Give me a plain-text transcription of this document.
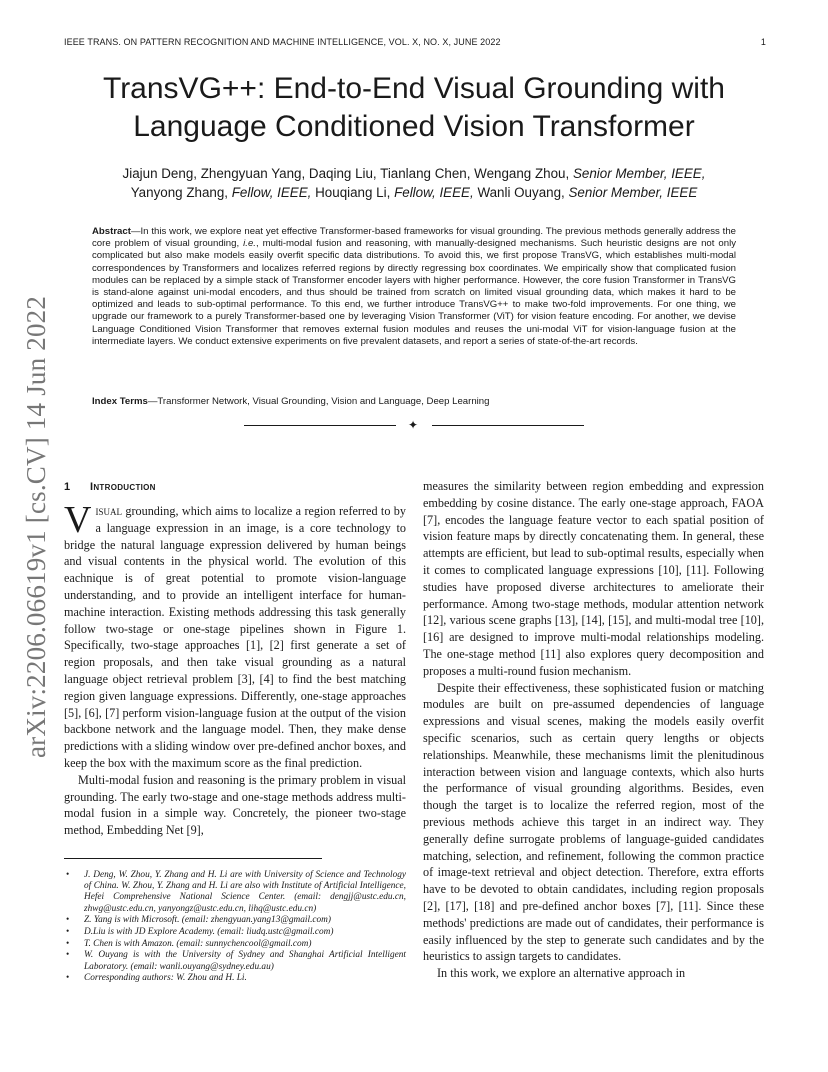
IEEE TRANS. ON PATTERN RECOGNITION AND MACHINE INTELLIGENCE, VOL. X, NO. X, JUNE 2022	1
arXiv:2206.06619v1 [cs.CV] 14 Jun 2022
TransVG++: End-to-End Visual Grounding with
Language Conditioned Vision Transformer
Jiajun Deng, Zhengyuan Yang, Daqing Liu, Tianlang Chen, Wengang Zhou, Senior Member, IEEE,
Yanyong Zhang, Fellow, IEEE, Houqiang Li, Fellow, IEEE, Wanli Ouyang, Senior Member, IEEE

Abstract—In this work, we explore neat yet effective Transformer-based frameworks for visual grounding. The previous methods generally address the core problem of visual grounding, i.e., multi-modal fusion and reasoning, with manually-designed mechanisms. Such heuristic designs are not only complicated but also make models easily overfit specific data distributions. To avoid this, we first propose TransVG, which establishes multi-modal correspondences by Transformers and localizes referred regions by directly regressing box coordinates. We empirically show that complicated fusion modules can be replaced by a simple stack of Transformer encoder layers with higher performance. However, the core fusion Transformer in TransVG is stand-alone against uni-modal encoders, and thus should be trained from scratch on limited visual grounding data, which makes it hard to be optimized and leads to sub-optimal performance. To this end, we further introduce TransVG++ to make two-fold improvements. For one thing, we upgrade our framework to a purely Transformer-based one by leveraging Vision Transformer (ViT) for vision feature encoding. For another, we devise Language Conditioned Vision Transformer that removes external fusion modules and reuses the uni-modal ViT for vision-language fusion at the intermediate layers. We conduct extensive experiments on five prevalent datasets, and report a series of state-of-the-art records.

Index Terms—Transformer Network, Visual Grounding, Vision and Language, Deep Learning

✦
1 Introduction

Visual grounding, which aims to localize a region referred to by a language expression in an image, is a core technology to bridge the natural language expression delivered by human beings and visual contents in the physical world. The evolution of this eachnique is of great potential to promote vision-language understanding, and to provide an intelligent interface for human-machine interaction. Existing methods addressing this task generally follow two-stage or one-stage pipelines shown in Figure 1. Specifically, two-stage approaches [1], [2] first generate a set of region proposals, and then take visual grounding as a natural language object retrieval problem [3], [4] to find the best matching region given language expressions. Differently, one-stage approaches [5], [6], [7] perform vision-language fusion at the output of the vision backbone network and the language model. Then, they make dense predictions with a sliding window over pre-defined anchor boxes, and keep the box with the maximum score as the final prediction.

Multi-modal fusion and reasoning is the primary problem in visual grounding. The early two-stage and one-stage methods address multi-modal fusion in a simple way. Concretely, the pioneer two-stage method, Embedding Net [9],

• J. Deng, W. Zhou, Y. Zhang and H. Li are with University of Science and Technology of China. W. Zhou, Y. Zhang and H. Li are also with Institute of Artificial Intelligence, Hefei Comprehensive National Science Center. (email: dengjj@ustc.edu.cn, zhwg@ustc.edu.cn, yanyongz@ustc.edu.cn, lihq@ustc.edu.cn)
• Z. Yang is with Microsoft. (email: zhengyuan.yang13@gmail.com)
• D.Liu is with JD Explore Academy. (email: liudq.ustc@gmail.com)
• T. Chen is with Amazon. (email: sunnychencool@gmail.com)
• W. Ouyang is with the University of Sydney and Shanghai Artificial Intelligent Laboratory. (email: wanli.ouyang@sydney.edu.au)
• Corresponding authors: W. Zhou and H. Li.

measures the similarity between region embedding and expression embedding by cosine distance. The early one-stage approach, FAOA [7], encodes the language feature vector to each spatial position of vision feature maps by directly concatenating them. In general, these attempts are efficient, but lead to sub-optimal results, especially when it comes to complicated language expressions [10], [11]. Following studies have proposed diverse architectures to ameliorate their performance. Among two-stage methods, modular attention network [12], various scene graphs [13], [14], [15], and multi-modal tree [10], [16] are designed to improve multi-modal relationships modeling. The one-stage method [11] also explores query decomposition and proposes a multi-round fusion mechanism.

Despite their effectiveness, these sophisticated fusion or matching modules are built on pre-assumed dependencies of language expressions and visual scenes, making the models easily overfit specific scenarios, such as certain query lengths or objects relationships. Meanwhile, these mechanisms limit the plenitudinous interaction between vision and language contexts, which also hurts the performance of visual grounding algorithms. Besides, even though the target is to localize the referred region, most of the previous methods achieve this target in an indirect way. They generally define surrogate problems of language-guided candidates matching, selection, and refinement, following the common practice of image-text retrieval and object detection. Therefore, extra efforts have to be devoted to obtain candidates, including region proposals [2], [17], [18] and pre-defined anchor boxes [7], [11]. Since these methods' predictions are made out of candidates, their performance is easily influenced by the step to generate such candidates and by the heuristics to assign targets to candidates.

In this work, we explore an alternative approach in
